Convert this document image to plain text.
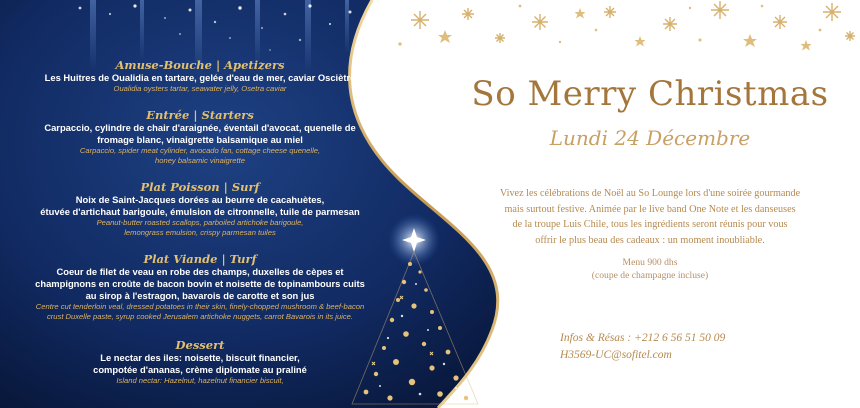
Amuse-Bouche | Apetizers
Les Huitres de Oualidia en tartare, gelée d'eau de mer, caviar Osciètre
Oualidia oysters tartar, seawater jelly, Osetra caviar
Entrée | Starters
Carpaccio, cylindre de chair d'araignée, éventail d'avocat, quenelle de
fromage blanc, vinaigrette balsamique au miel
Carpaccio, spider meat cylinder, avocado fan, cottage cheese quenelle,
honey balsamic vinaigrette
Plat Poisson | Surf
Noix de Saint-Jacques dorées au beurre de cacahuètes,
étuvée d'artichaut barigoule, émulsion de citronnelle, tuile de parmesan
Peanut-butter roasted scallops, parboiled artichoke barigoule,
lemongrass emulsion, crispy parmesan tuiles
Plat Viande | Turf
Coeur de filet de veau en robe des champs, duxelles de cèpes et
champignons en croûte de bacon bovin et noisette de topinambours cuits
au sirop à l'estragon, bavarois de carotte et son jus
Centre cut tenderloin veal, dressed potatoes in their skin, finely-chopped mushroom & beef-bacon
crust Duxelle paste, syrup cooked Jerusalem artichoke nuggets, carrot Bavarois in its juice.
Dessert
Le nectar des iles: noisette, biscuit financier,
compotée d'ananas, crème diplomate au praliné
Island nectar: Hazelnut, hazelnut financier biscuit,
So Merry Christmas
Lundi 24 Décembre
Vivez les célébrations de Noël au So Lounge lors d'une soirée gourmande
mais surtout festive. Animée par le live band One Note et les danseuses
de la troupe Luis Chile, tous les ingrédients seront réunis pour vous
offrir le plus beau des cadeaux : un moment inoubliable.
Menu 900 dhs
(coupe de champagne incluse)
Infos & Résas : +212 6 56 51 50 09
H3569-UC@sofitel.com
